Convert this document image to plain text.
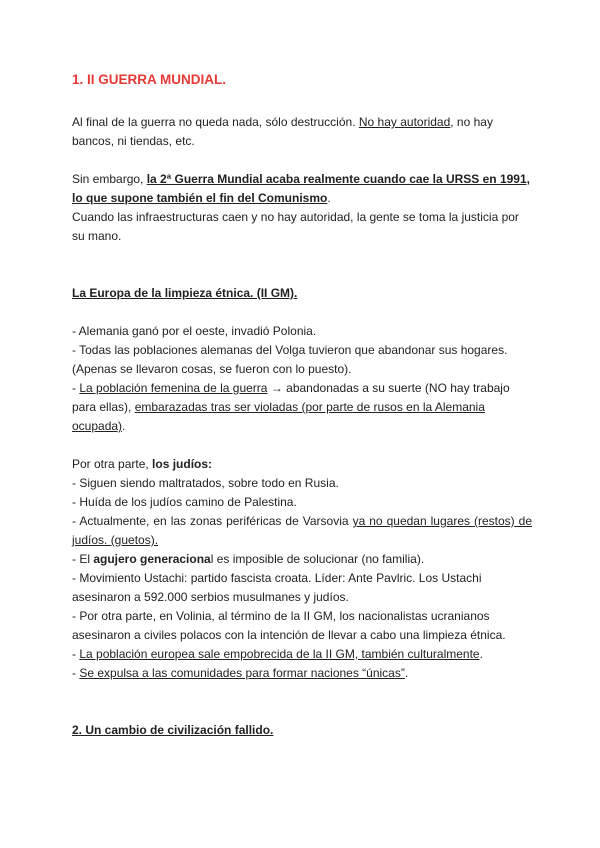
1. II GUERRA MUNDIAL.

Al final de la guerra no queda nada, sólo destrucción. No hay autoridad, no hay bancos, ni tiendas, etc.

Sin embargo, la 2ª Guerra Mundial acaba realmente cuando cae la URSS en 1991, lo que supone también el fin del Comunismo.

Cuando las infraestructuras caen y no hay autoridad, la gente se toma la justicia por su mano.

La Europa de la limpieza étnica. (II GM).

- Alemania ganó por el oeste, invadió Polonia.

- Todas las poblaciones alemanas del Volga tuvieron que abandonar sus hogares. (Apenas se llevaron cosas, se fueron con lo puesto).

- La población femenina de la guerra → abandonadas a su suerte (NO hay trabajo para ellas), embarazadas tras ser violadas (por parte de rusos en la Alemania ocupada).

Por otra parte, los judíos:

- Siguen siendo maltratados, sobre todo en Rusia.

- Huída de los judíos camino de Palestina.

- Actualmente, en las zonas periféricas de Varsovia ya no quedan lugares (restos) de judíos. (guetos).

- El agujero generacional es imposible de solucionar (no familia).

- Movimiento Ustachi: partido fascista croata. Líder: Ante Pavlric. Los Ustachi asesinaron a 592.000 serbios musulmanes y judíos.

- Por otra parte, en Volinia, al término de la II GM, los nacionalistas ucranianos asesinaron a civiles polacos con la intención de llevar a cabo una limpieza étnica.

- La población europea sale empobrecida de la II GM, también culturalmente.

- Se expulsa a las comunidades para formar naciones “únicas”.

2. Un cambio de civilización fallido.
